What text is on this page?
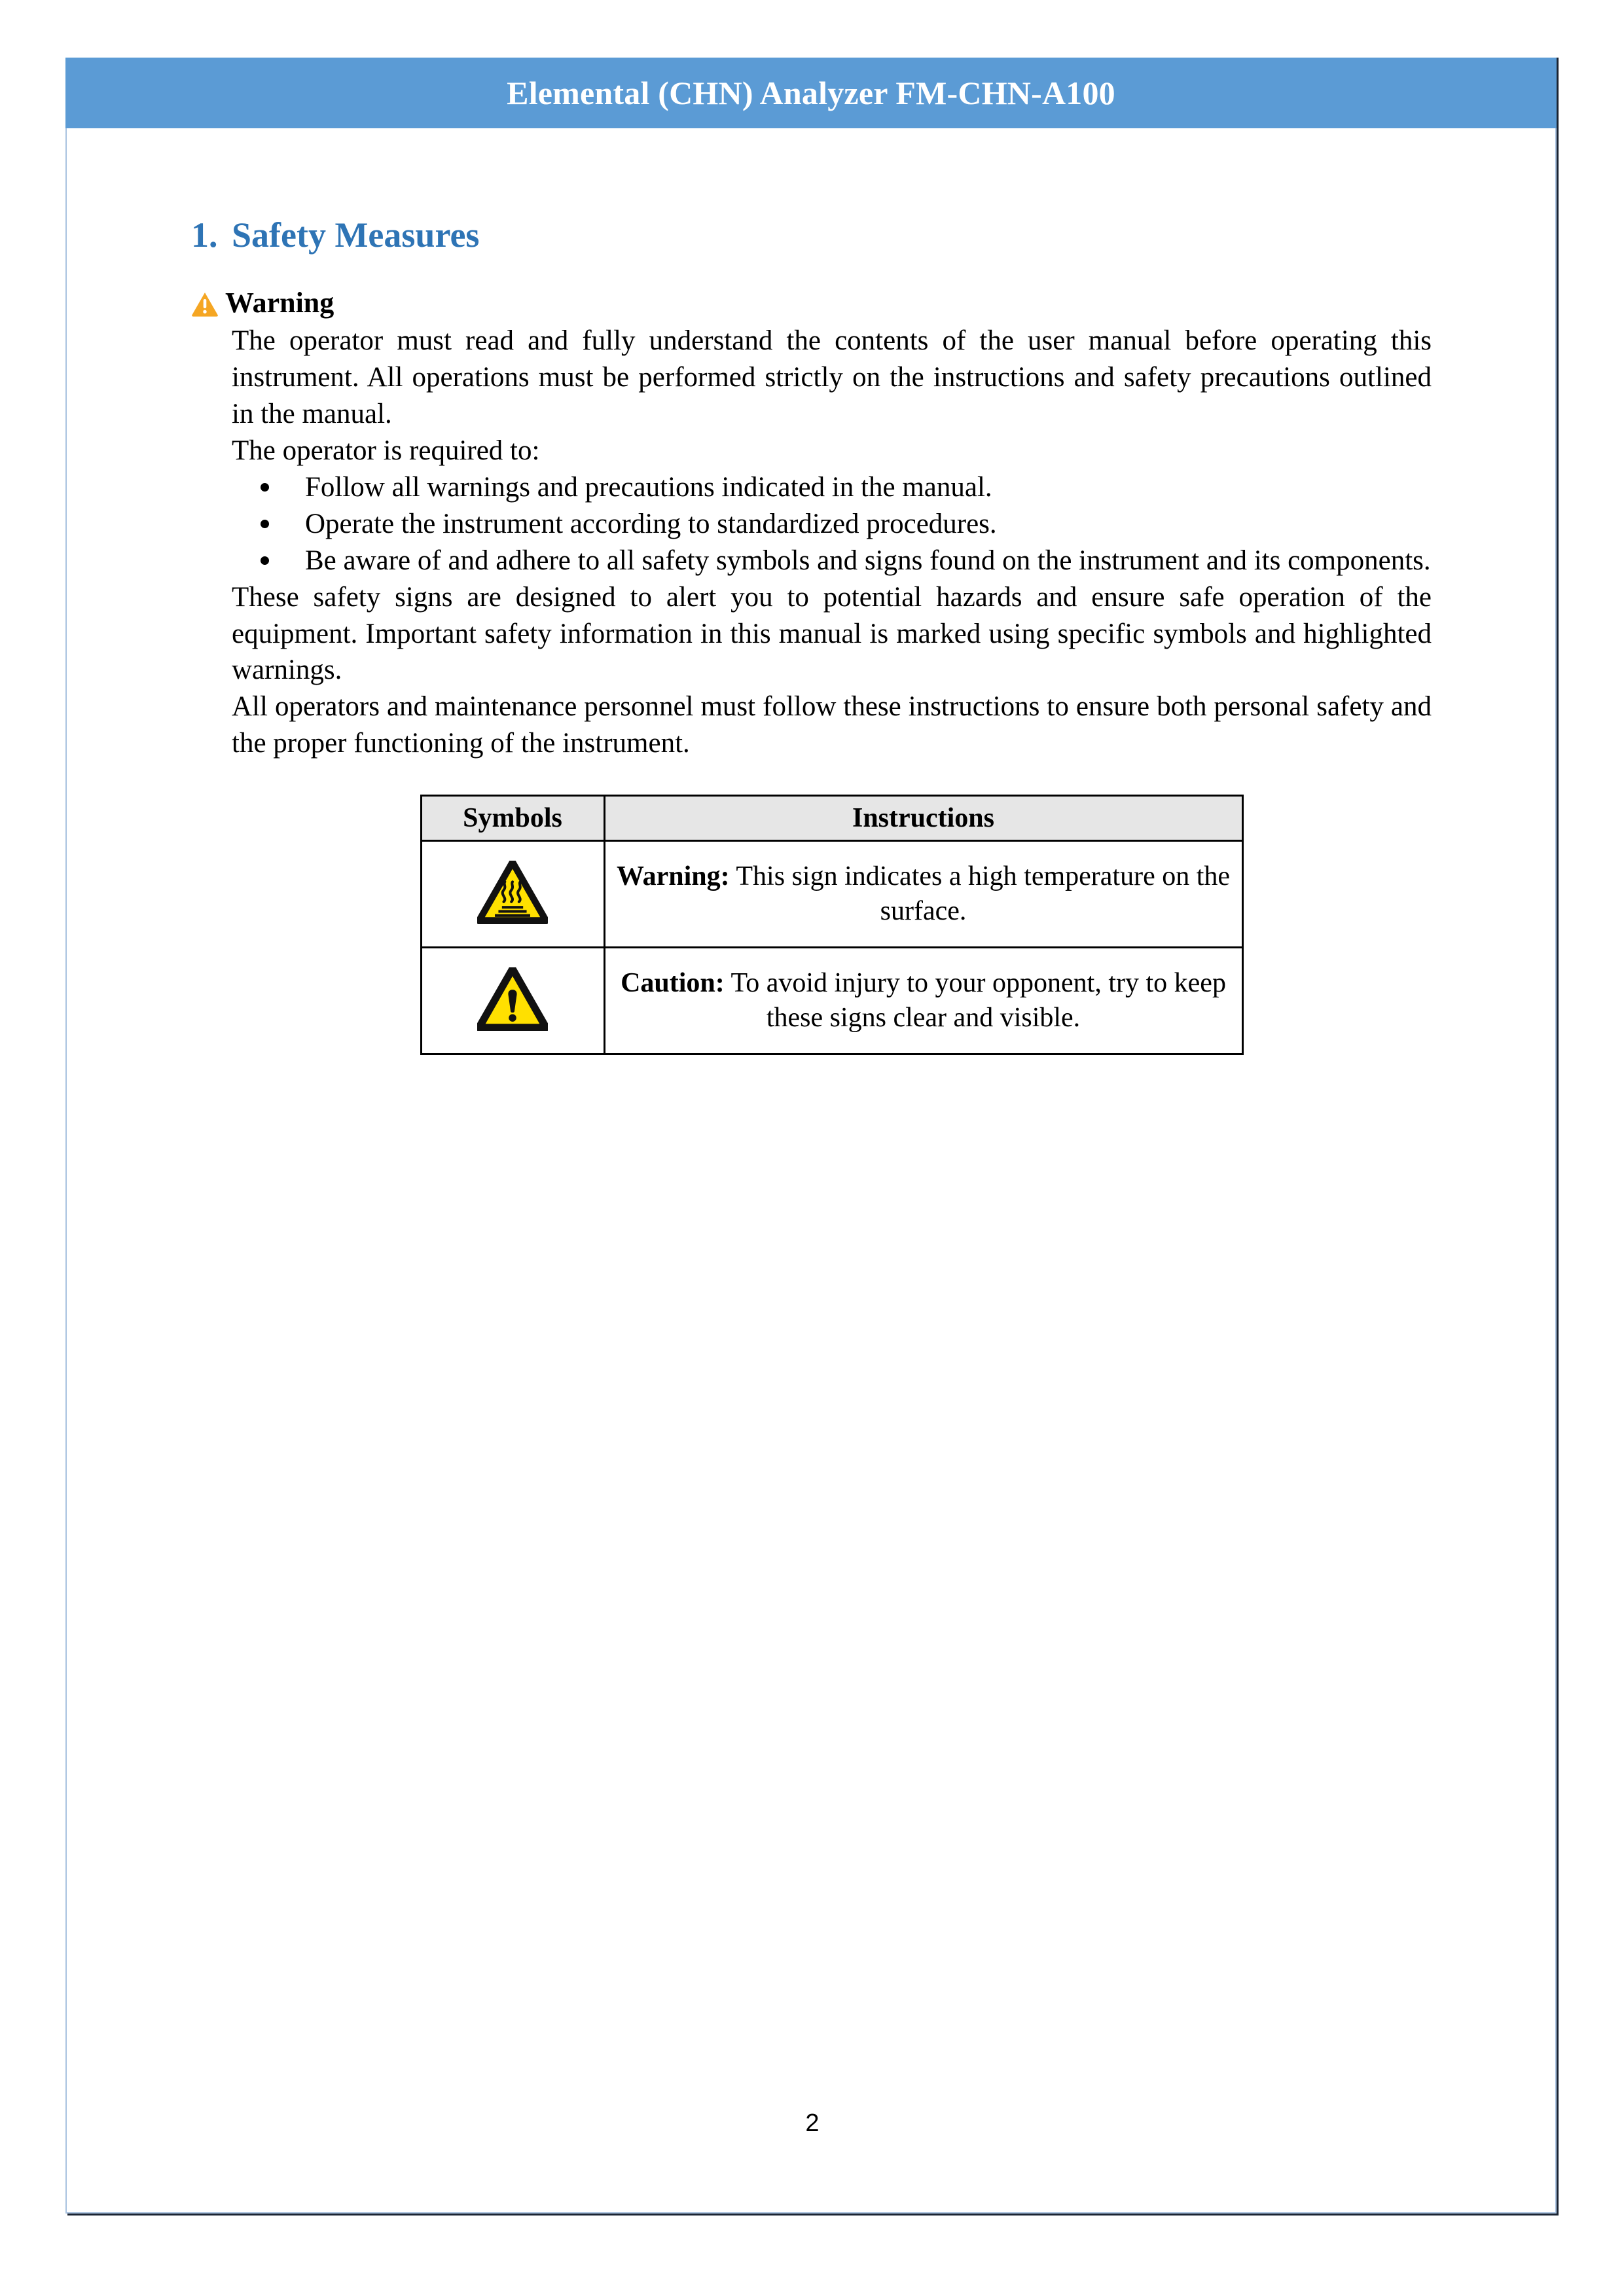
1. Safety Measures
Warning

The operator must read and fully understand the contents of the user manual before operating this instrument. All operations must be performed strictly on the instructions and safety precautions outlined in the manual.

The operator is required to:

Follow all warnings and precautions indicated in the manual.
Operate the instrument according to standardized procedures.
Be aware of and adhere to all safety symbols and signs found on the instrument and its components.

These safety signs are designed to alert you to potential hazards and ensure safe operation of the equipment. Important safety information in this manual is marked using specific symbols and highlighted warnings.

All operators and maintenance personnel must follow these instructions to ensure both personal safety and the proper functioning of the instrument.

Symbols	Instructions
	Warning: This sign indicates a high temperature on the surface.
	Caution: To avoid injury to your opponent, try to keep these signs clear and visible.
2
Elemental (CHN) Analyzer FM-CHN-A100
